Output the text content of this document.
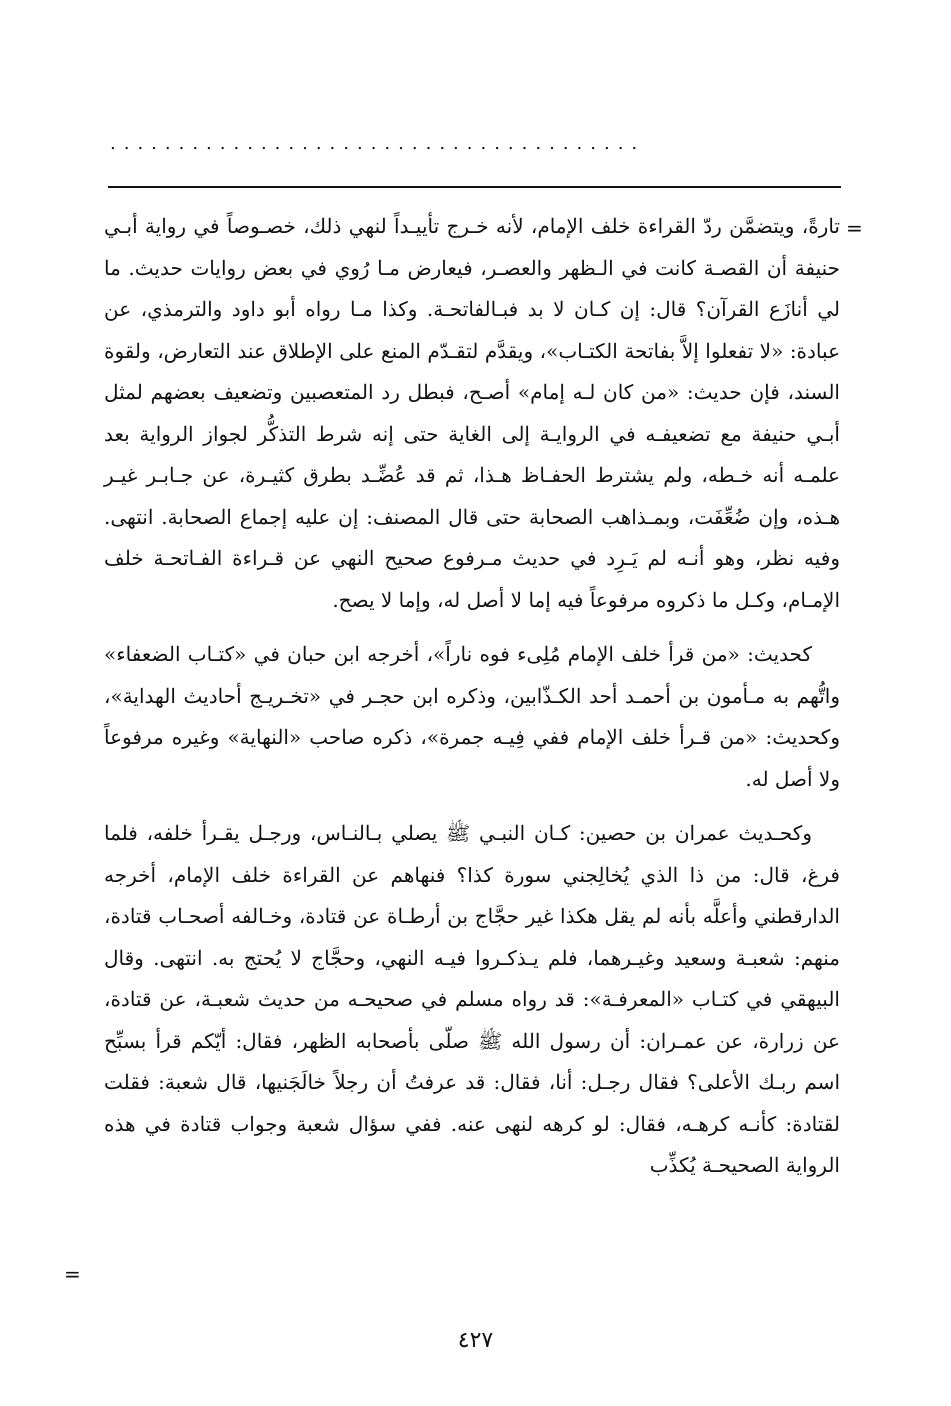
.......................................
=

تارةً، ويتضمَّن ردّ القراءة خلف الإمام، لأنه خـرج تأييـداً لنهي ذلك، خصـوصاً في رواية أبـي حنيفة أن القصـة كانت في الـظهر والعصـر، فيعارض مـا رُوي في بعض روايات حديث. ما لي أنازَع القرآن؟ قال: إن كـان لا بد فبـالفاتحـة. وكذا مـا رواه أبو داود والترمذي، عن عبادة: «لا تفعلوا إلاَّ بفاتحة الكتـاب»، ويقدَّم لتقـدّم المنع على الإطلاق عند التعارض، ولقوة السند، فإن حديث: «من كان لـه إمام» أصـح، فبطل رد المتعصبين وتضعيف بعضهم لمثل أبـي حنيفة مع تضعيفـه في الروايـة إلى الغاية حتى إنه شرط التذكُّر لجواز الرواية بعد علمـه أنه خـطه، ولم يشترط الحفـاظ هـذا، ثم قد عُضِّـد بطرق كثيـرة، عن جـابـر غيـر هـذه، وإن ضُعِّفَت، وبمـذاهب الصحابة حتى قال المصنف: إن عليه إجماع الصحابة. انتهى. وفيه نظر، وهو أنـه لم يَـرِد في حديث مـرفوع صحيح النهي عن قـراءة الفـاتحـة خلف الإمـام، وكـل ما ذكروه مرفوعاً فيه إما لا أصل له، وإما لا يصح.

كحديث: «من قرأ خلف الإمام مُلِىء فوه ناراً»، أخرجه ابن حبان في «كتـاب الضعفاء» واتُّهم به مـأمون بن أحمـد أحد الكـذّابين، وذكره ابن حجـر في «تخـريـج أحاديث الهداية»، وكحديث: «من قـرأ خلف الإمام ففي فِيـه جمرة»، ذكره صاحب «النهاية» وغيره مرفوعاً ولا أصل له.

وكحـديث عمران بن حصين: كـان النبـي ﷺ يصلي بـالنـاس، ورجـل يقـرأ خلفه، فلما فرغ، قال: من ذا الذي يُخالِجني سورة كذا؟ فنهاهم عن القراءة خلف الإمام، أخرجه الدارقطني وأعلَّه بأنه لم يقل هكذا غير حجَّاج بن أرطـاة عن قتادة، وخـالفه أصحـاب قتادة، منهم: شعبـة وسعيد وغيـرهما، فلم يـذكـروا فيـه النهي، وحجَّاج لا يُحتج به. انتهى. وقال البيهقي في كتـاب «المعرفـة»: قد رواه مسلم في صحيحـه من حديث شعبـة، عن قتادة، عن زرارة، عن عمـران: أن رسول الله ﷺ صلّى بأصحابه الظهر، فقال: أيّكم قرأ بسبِّح اسم ربـك الأعلى؟ فقال رجـل: أنا، فقال: قد عرفتُ أن رجلاً خالَجَنيها، قال شعبة: فقلت لقتادة: كأنـه كرهـه، فقال: لو كرهه لنهى عنه. ففي سؤال شعبة وجواب قتادة في هذه الرواية الصحيحـة يُكذِّب

=
٤٢٧
